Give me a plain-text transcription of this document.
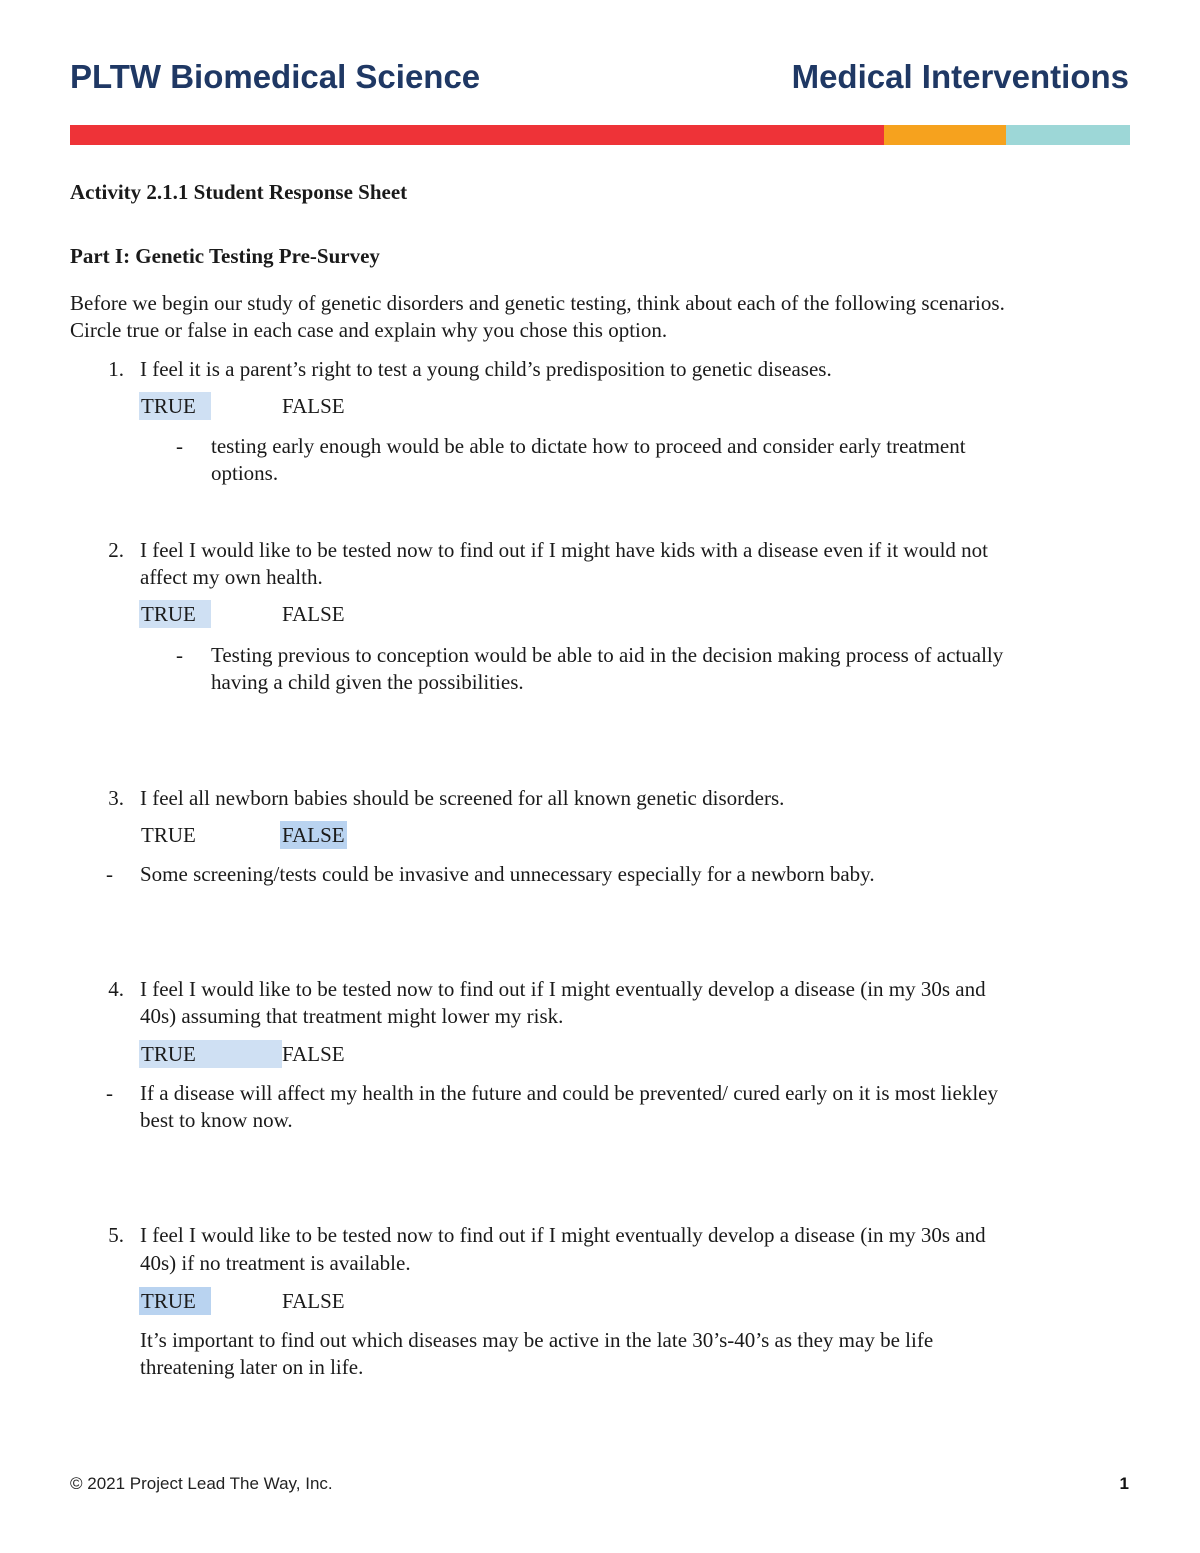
PLTW Biomedical Science	Medical Interventions
Activity 2.1.1 Student Response Sheet
Part I: Genetic Testing Pre-Survey
Before we begin our study of genetic disorders and genetic testing, think about each of the following scenarios.
Circle true or false in each case and explain why you chose this option.
1. I feel it is a parent’s right to test a young child’s predisposition to genetic diseases.
TRUE	FALSE
- testing early enough would be able to dictate how to proceed and consider early treatment
options.
2. I feel I would like to be tested now to find out if I might have kids with a disease even if it would not
affect my own health.
TRUE	FALSE
- Testing previous to conception would be able to aid in the decision making process of actually
having a child given the possibilities.
3. I feel all newborn babies should be screened for all known genetic disorders.
TRUE	FALSE
- Some screening/tests could be invasive and unnecessary especially for a newborn baby.
4. I feel I would like to be tested now to find out if I might eventually develop a disease (in my 30s and
40s) assuming that treatment might lower my risk.
TRUE	FALSE
- If a disease will affect my health in the future and could be prevented/ cured early on it is most liekley
best to know now.
5. I feel I would like to be tested now to find out if I might eventually develop a disease (in my 30s and
40s) if no treatment is available.
TRUE	FALSE
It’s important to find out which diseases may be active in the late 30’s-40’s as they may be life
threatening later on in life.
© 2021 Project Lead The Way, Inc.	1
